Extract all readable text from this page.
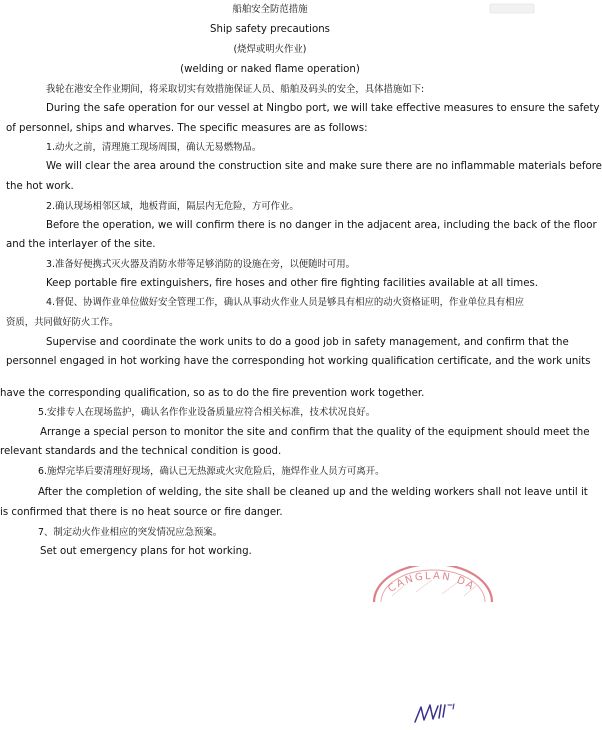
船舶安全防范措施
Ship safety precautions
(烧焊或明火作业)
(welding or naked flame operation)
我轮在港安全作业期间，将采取切实有效措施保证人员、船舶及码头的安全，具体措施如下:
During the safe operation for our vessel at Ningbo port, we will take effective measures to ensure the safety
of personnel, ships and wharves. The specific measures are as follows:
1.动火之前，清理施工现场周围，确认无易燃物品。
We will clear the area around the construction site and make sure there are no inflammable materials before
the hot work.
2.确认现场相邻区域，地板背面，隔层内无危险，方可作业。
Before the operation, we will confirm there is no danger in the adjacent area, including the back of the floor
and the interlayer of the site.
3.准备好便携式灭火器及消防水带等足够消防的设施在旁，以便随时可用。
Keep portable fire extinguishers, fire hoses and other fire fighting facilities available at all times.
4.督促、协调作业单位做好安全管理工作，确认从事动火作业人员是够具有相应的动火资格证明，作业单位具有相应
资质，共同做好防火工作。
Supervise and coordinate the work units to do a good job in safety management, and confirm that the
personnel engaged in hot working have the corresponding hot working qualification certificate, and the work units
have the corresponding qualification, so as to do the fire prevention work together.
5.安排专人在现场监护，确认名作作业设备质量应符合相关标准，技术状况良好。
Arrange a special person to monitor the site and confirm that the quality of the equipment should meet the
relevant standards and the technical condition is good.
6.施焊完毕后要清理好现场，确认已无热源或火灾危险后，施焊作业人员方可离开。
After the completion of welding, the site shall be cleaned up and the welding workers shall not leave until it
is confirmed that there is no heat source or fire danger.
7、制定动火作业相应的突发情况应急预案。
Set out emergency plans for hot working.
CANGLAN DA
